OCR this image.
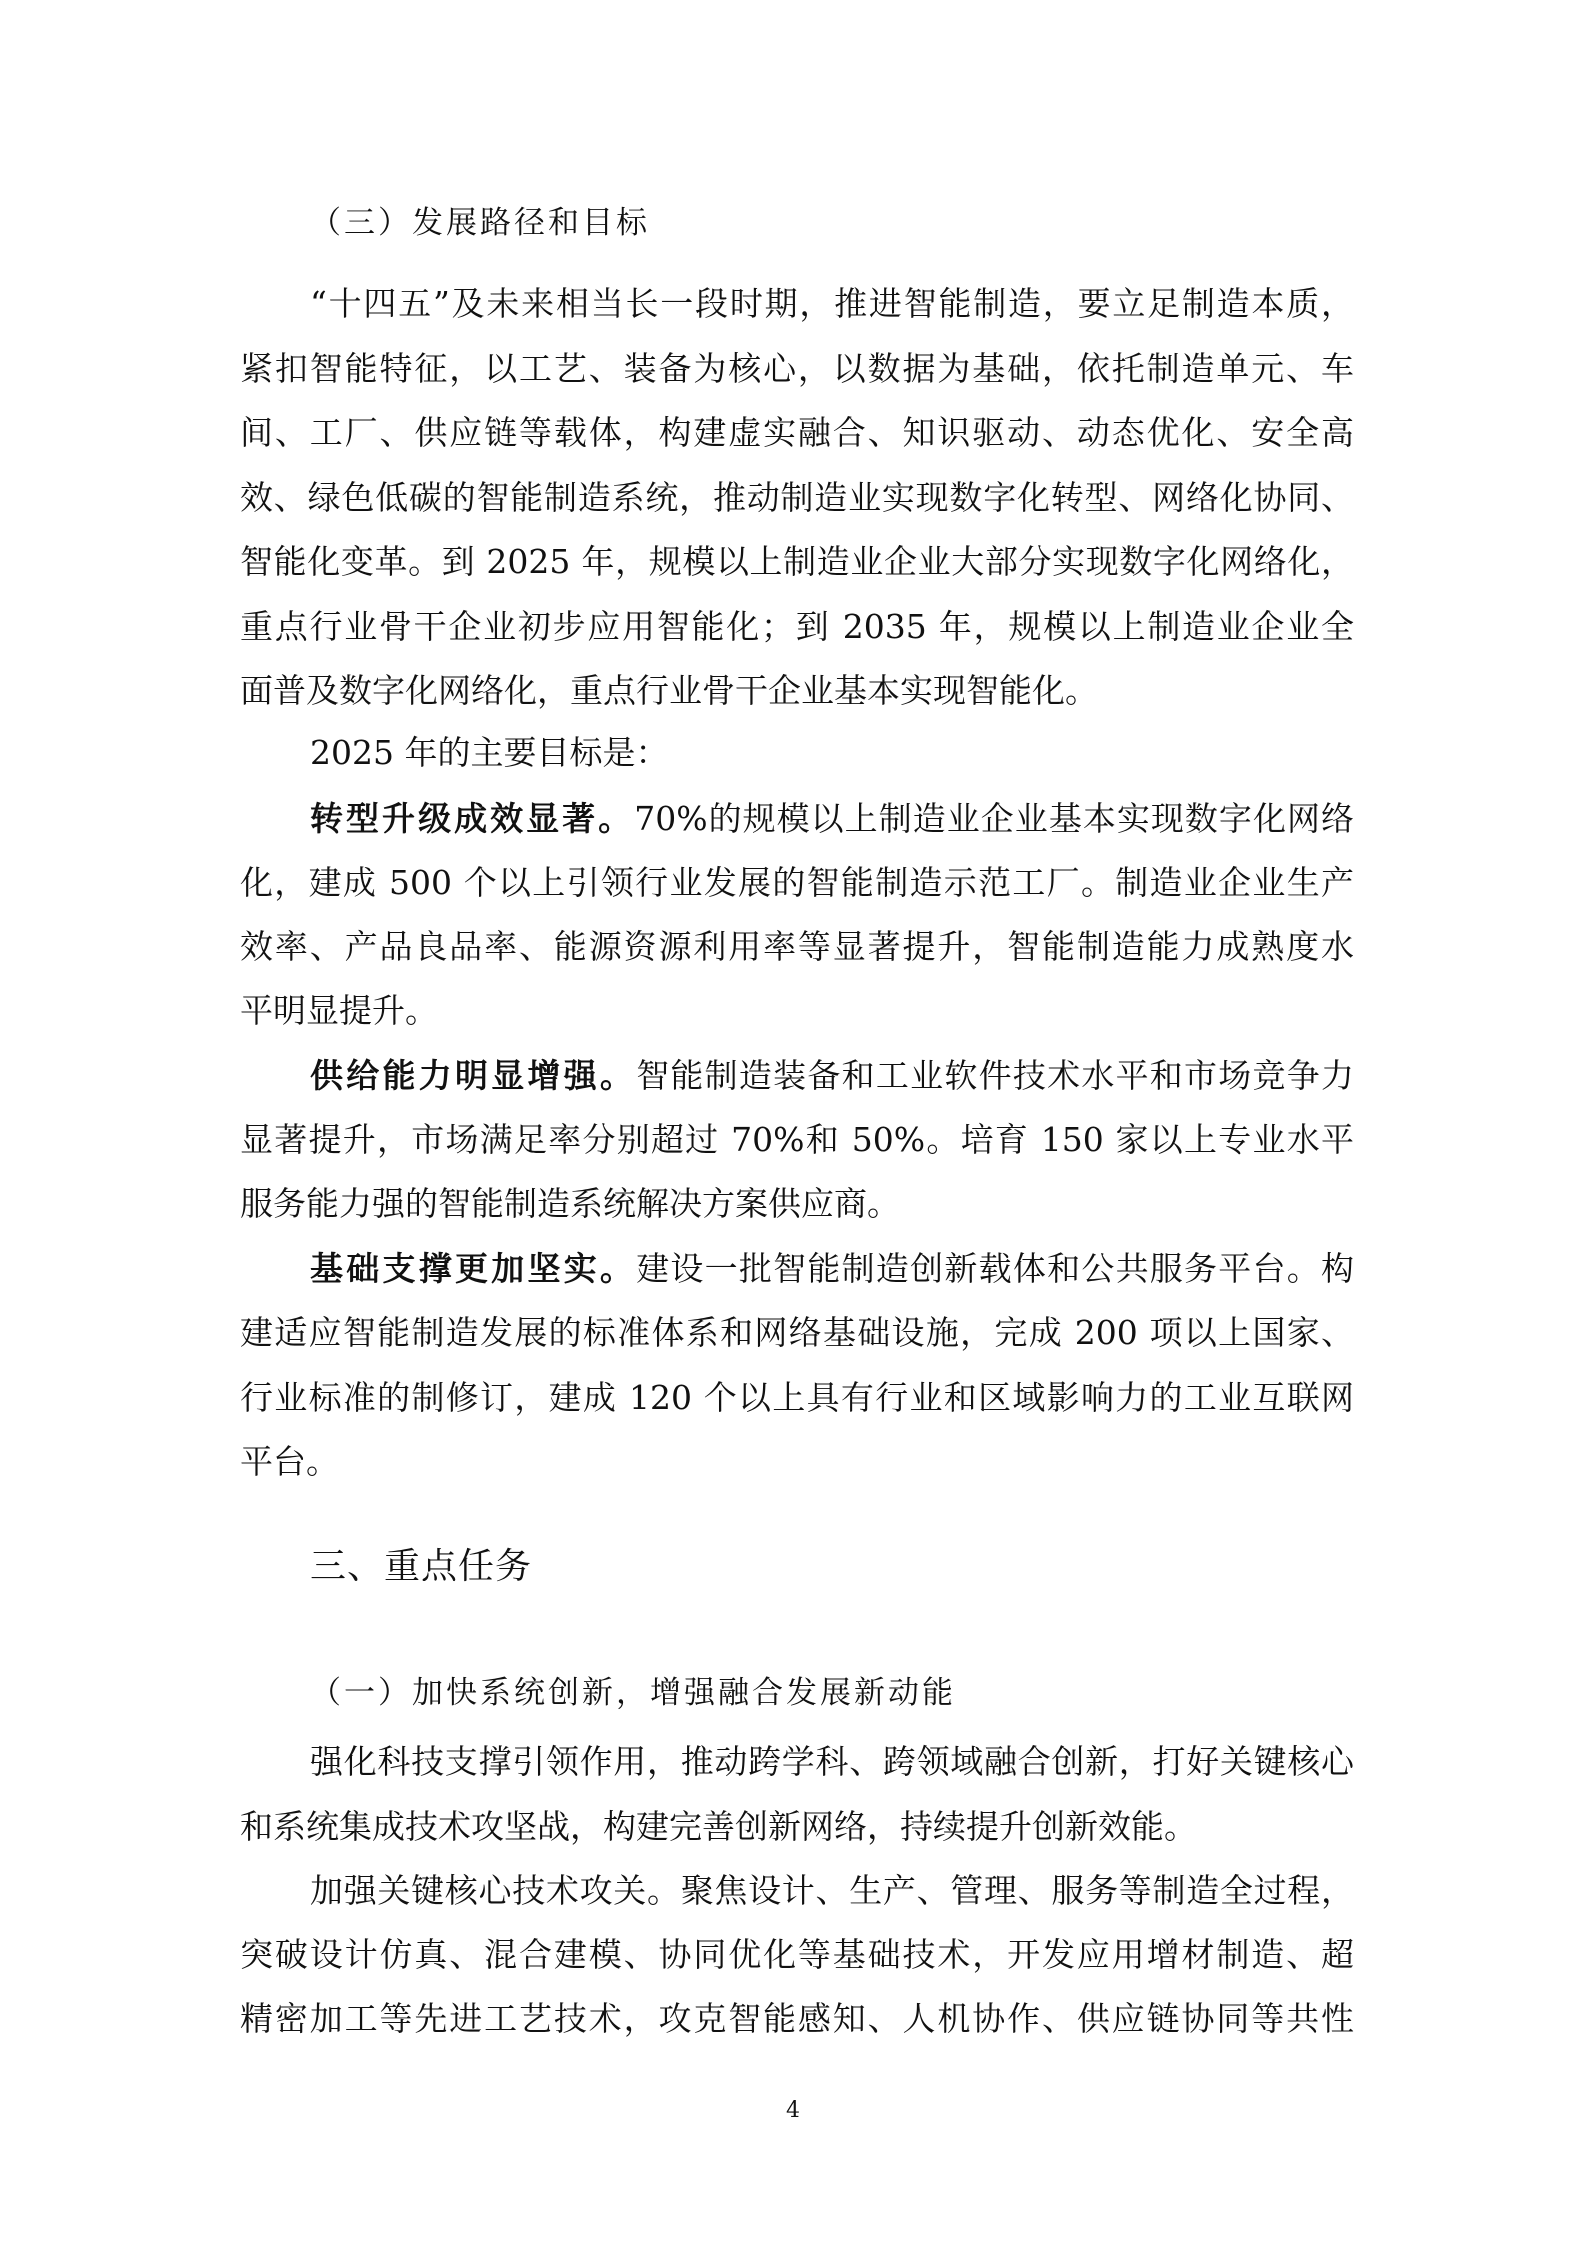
（三）发展路径和目标
“十四五”及未来相当长一段时期，推进智能制造，要立足制造本质，
紧扣智能特征，以工艺、装备为核心，以数据为基础，依托制造单元、车
间、工厂、供应链等载体，构建虚实融合、知识驱动、动态优化、安全高
效、绿色低碳的智能制造系统，推动制造业实现数字化转型、网络化协同、
智能化变革。到 2025 年，规模以上制造业企业大部分实现数字化网络化，
重点行业骨干企业初步应用智能化；到 2035 年，规模以上制造业企业全
面普及数字化网络化，重点行业骨干企业基本实现智能化。
2025 年的主要目标是：
转型升级成效显著。70%的规模以上制造业企业基本实现数字化网络
化，建成 500 个以上引领行业发展的智能制造示范工厂。制造业企业生产
效率、产品良品率、能源资源利用率等显著提升，智能制造能力成熟度水
平明显提升。
供给能力明显增强。智能制造装备和工业软件技术水平和市场竞争力
显著提升，市场满足率分别超过 70%和 50%。培育 150 家以上专业水平
服务能力强的智能制造系统解决方案供应商。
基础支撑更加坚实。建设一批智能制造创新载体和公共服务平台。构
建适应智能制造发展的标准体系和网络基础设施，完成 200 项以上国家、
行业标准的制修订，建成 120 个以上具有行业和区域影响力的工业互联网
平台。
三、重点任务
（一）加快系统创新，增强融合发展新动能
强化科技支撑引领作用，推动跨学科、跨领域融合创新，打好关键核心
和系统集成技术攻坚战，构建完善创新网络，持续提升创新效能。
加强关键核心技术攻关。聚焦设计、生产、管理、服务等制造全过程，
突破设计仿真、混合建模、协同优化等基础技术，开发应用增材制造、超
精密加工等先进工艺技术，攻克智能感知、人机协作、供应链协同等共性
4
